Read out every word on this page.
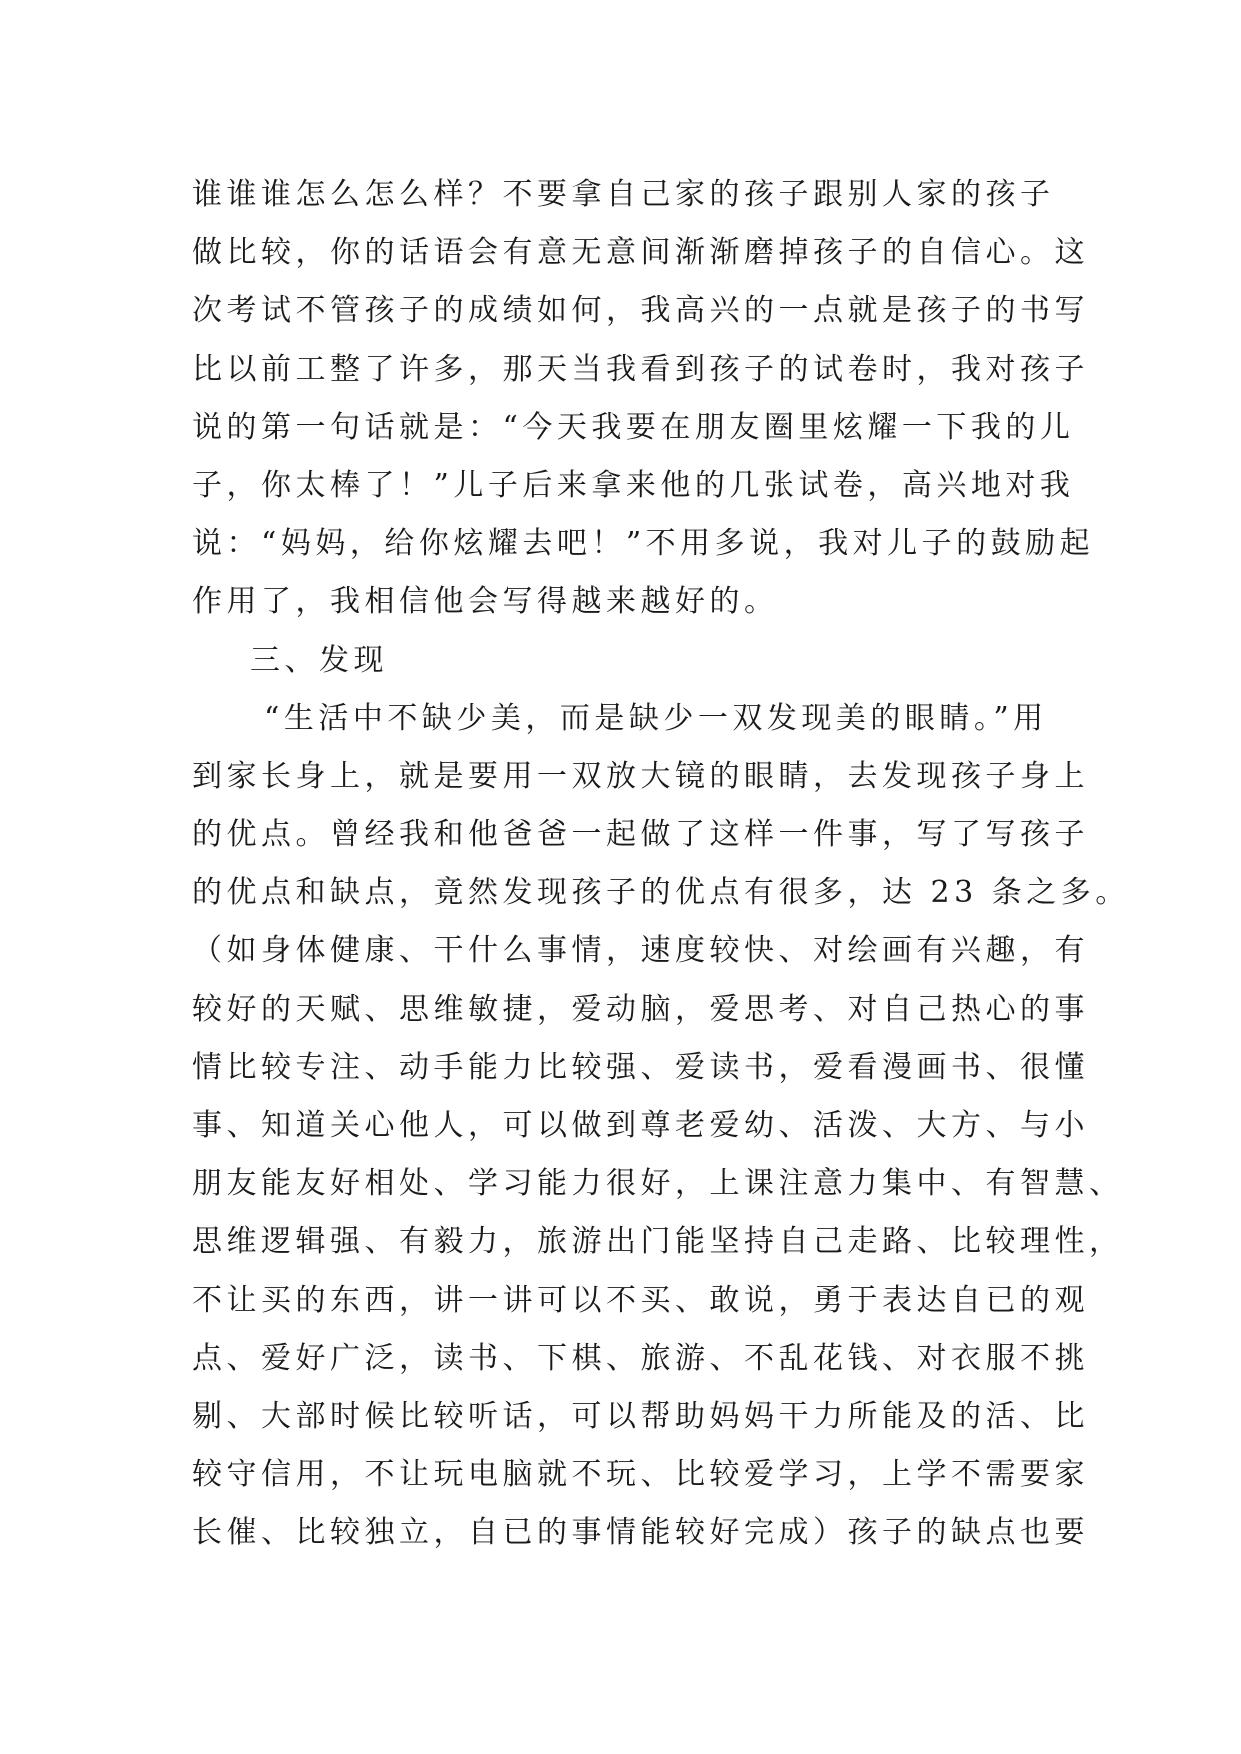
谁谁谁怎么怎么样？不要拿自己家的孩子跟别人家的孩子
做比较，你的话语会有意无意间渐渐磨掉孩子的自信心。这
次考试不管孩子的成绩如何，我高兴的一点就是孩子的书写
比以前工整了许多，那天当我看到孩子的试卷时，我对孩子
说的第一句话就是：“今天我要在朋友圈里炫耀一下我的儿
子，你太棒了！”儿子后来拿来他的几张试卷，高兴地对我
说：“妈妈，给你炫耀去吧！”不用多说，我对儿子的鼓励起
作用了，我相信他会写得越来越好的。
三、发现
“生活中不缺少美，而是缺少一双发现美的眼睛。”用
到家长身上，就是要用一双放大镜的眼睛，去发现孩子身上
的优点。曾经我和他爸爸一起做了这样一件事，写了写孩子
的优点和缺点，竟然发现孩子的优点有很多，达 23 条之多。
（如身体健康、干什么事情，速度较快、对绘画有兴趣，有
较好的天赋、思维敏捷，爱动脑，爱思考、对自己热心的事
情比较专注、动手能力比较强、爱读书，爱看漫画书、很懂
事、知道关心他人，可以做到尊老爱幼、活泼、大方、与小
朋友能友好相处、学习能力很好，上课注意力集中、有智慧、
思维逻辑强、有毅力，旅游出门能坚持自己走路、比较理性，
不让买的东西，讲一讲可以不买、敢说，勇于表达自已的观
点、爱好广泛，读书、下棋、旅游、不乱花钱、对衣服不挑
剔、大部时候比较听话，可以帮助妈妈干力所能及的活、比
较守信用，不让玩电脑就不玩、比较爱学习，上学不需要家
长催、比较独立，自已的事情能较好完成）孩子的缺点也要
